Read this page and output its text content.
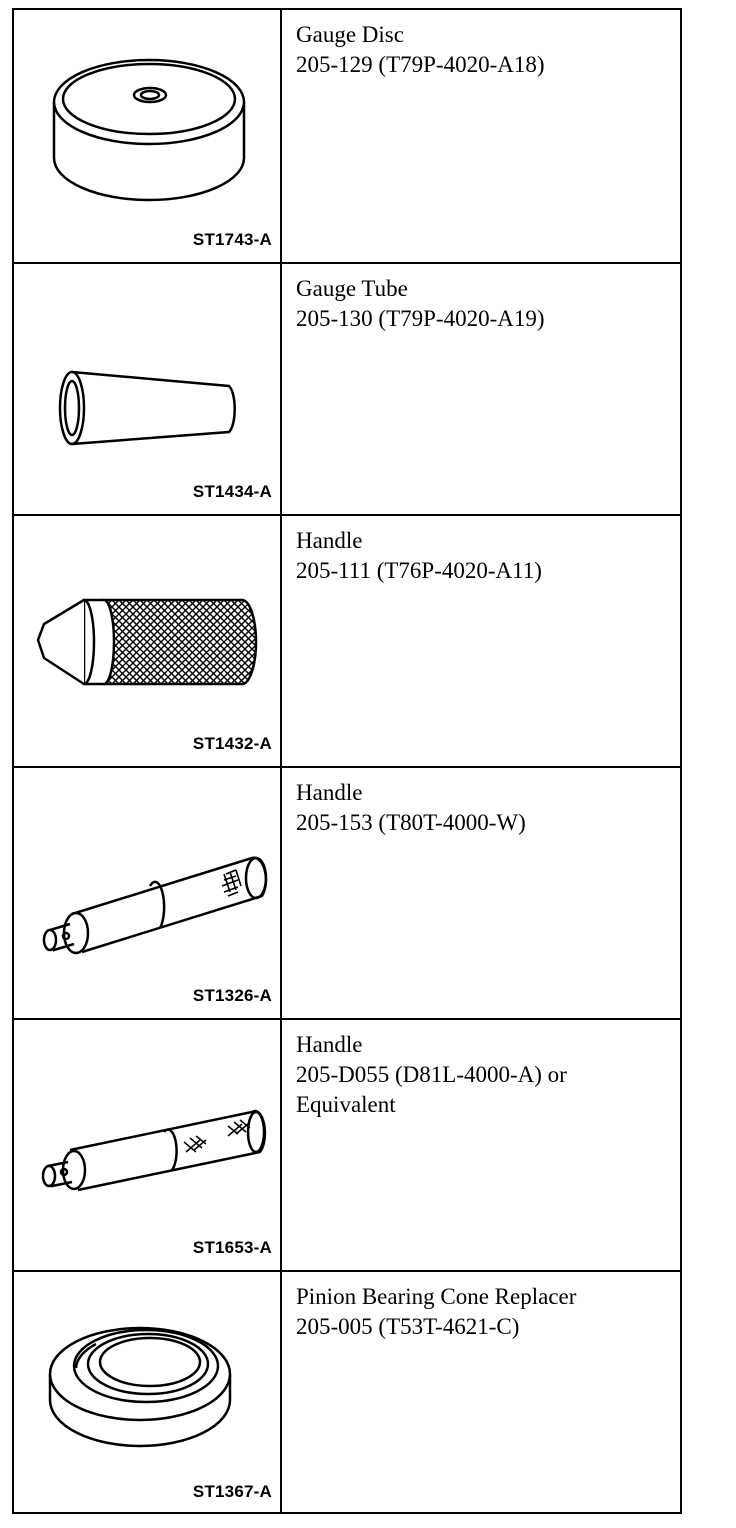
ST1743-A
Gauge Disc
205-129 (T79P-4020-A18)
ST1434-A
Gauge Tube
205-130 (T79P-4020-A19)
ST1432-A
Handle
205-111 (T76P-4020-A11)
ST1326-A
Handle
205-153 (T80T-4000-W)
ST1653-A
Handle
205-D055 (D81L-4000-A) or
Equivalent
ST1367-A
Pinion Bearing Cone Replacer
205-005 (T53T-4621-C)
